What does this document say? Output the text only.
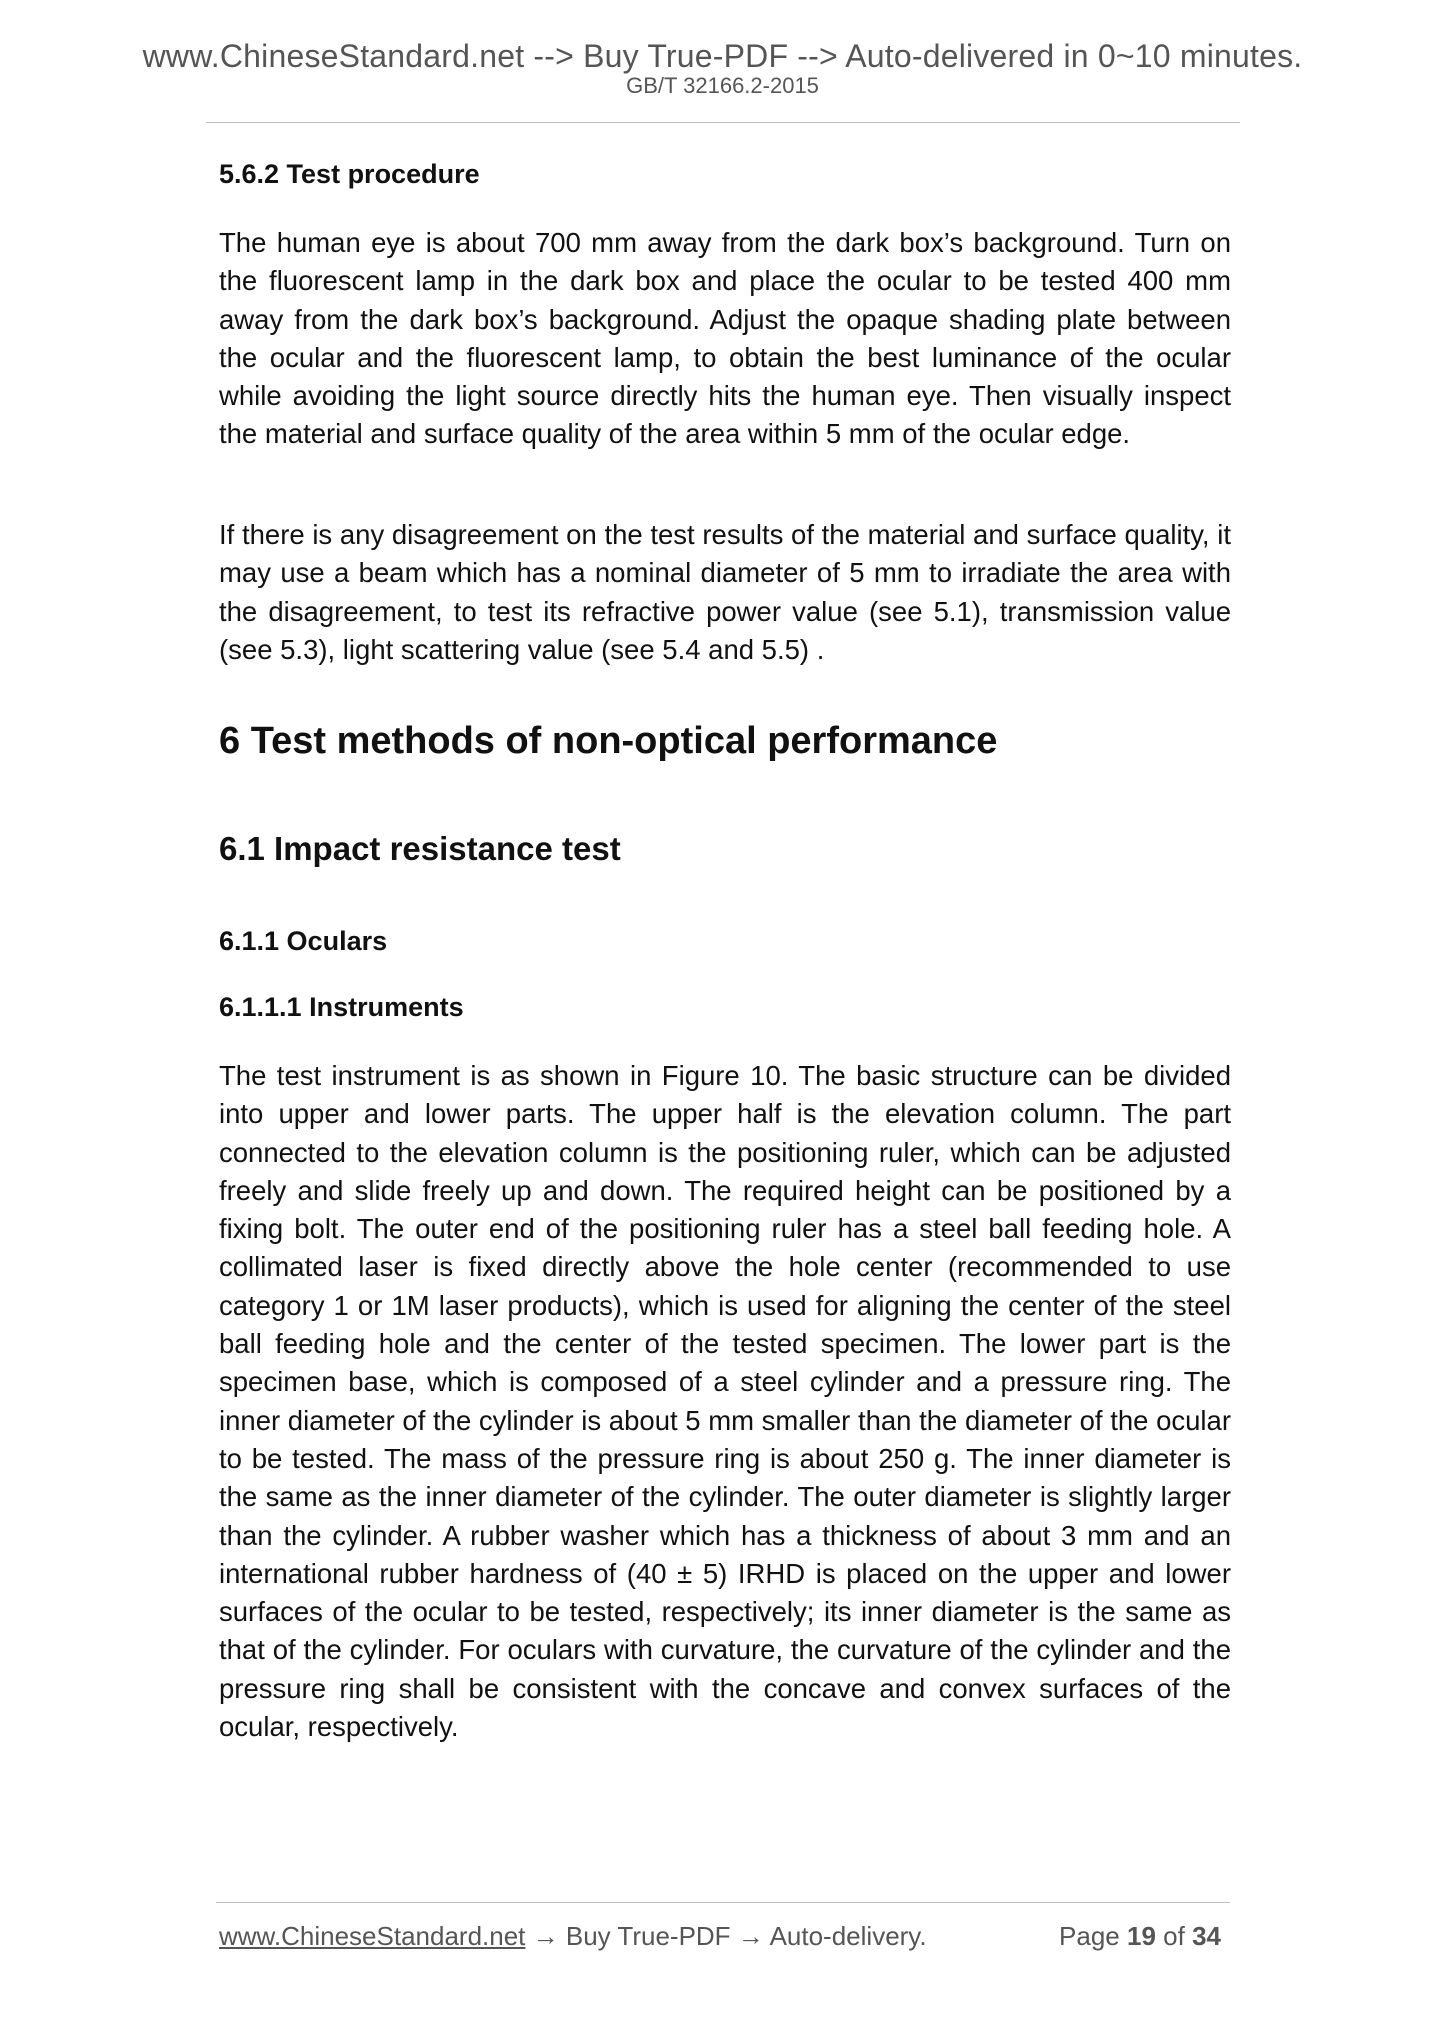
www.ChineseStandard.net --> Buy True-PDF --> Auto-delivered in 0~10 minutes.
GB/T 32166.2-2015
5.6.2 Test procedure

The human eye is about 700 mm away from the dark box’s background. Turn on the fluorescent lamp in the dark box and place the ocular to be tested 400 mm away from the dark box’s background. Adjust the opaque shading plate between the ocular and the fluorescent lamp, to obtain the best luminance of the ocular while avoiding the light source directly hits the human eye. Then visually inspect the material and surface quality of the area within 5 mm of the ocular edge.

If there is any disagreement on the test results of the material and surface quality, it may use a beam which has a nominal diameter of 5 mm to irradiate the area with the disagreement, to test its refractive power value (see 5.1), transmission value (see 5.3), light scattering value (see 5.4 and 5.5) .

6 Test methods of non-optical performance
6.1 Impact resistance test
6.1.1 Oculars
6.1.1.1 Instruments

The test instrument is as shown in Figure 10. The basic structure can be divided into upper and lower parts. The upper half is the elevation column. The part connected to the elevation column is the positioning ruler, which can be adjusted freely and slide freely up and down. The required height can be positioned by a fixing bolt. The outer end of the positioning ruler has a steel ball feeding hole. A collimated laser is fixed directly above the hole center (recommended to use category 1 or 1M laser products), which is used for aligning the center of the steel ball feeding hole and the center of the tested specimen. The lower part is the specimen base, which is composed of a steel cylinder and a pressure ring. The inner diameter of the cylinder is about 5 mm smaller than the diameter of the ocular to be tested. The mass of the pressure ring is about 250 g. The inner diameter is the same as the inner diameter of the cylinder. The outer diameter is slightly larger than the cylinder. A rubber washer which has a thickness of about 3 mm and an international rubber hardness of (40 ± 5) IRHD is placed on the upper and lower surfaces of the ocular to be tested, respectively; its inner diameter is the same as that of the cylinder. For oculars with curvature, the curvature of the cylinder and the pressure ring shall be consistent with the concave and convex surfaces of the ocular, respectively.

www.ChineseStandard.net → Buy True-PDF → Auto-delivery.	Page 19 of 34
